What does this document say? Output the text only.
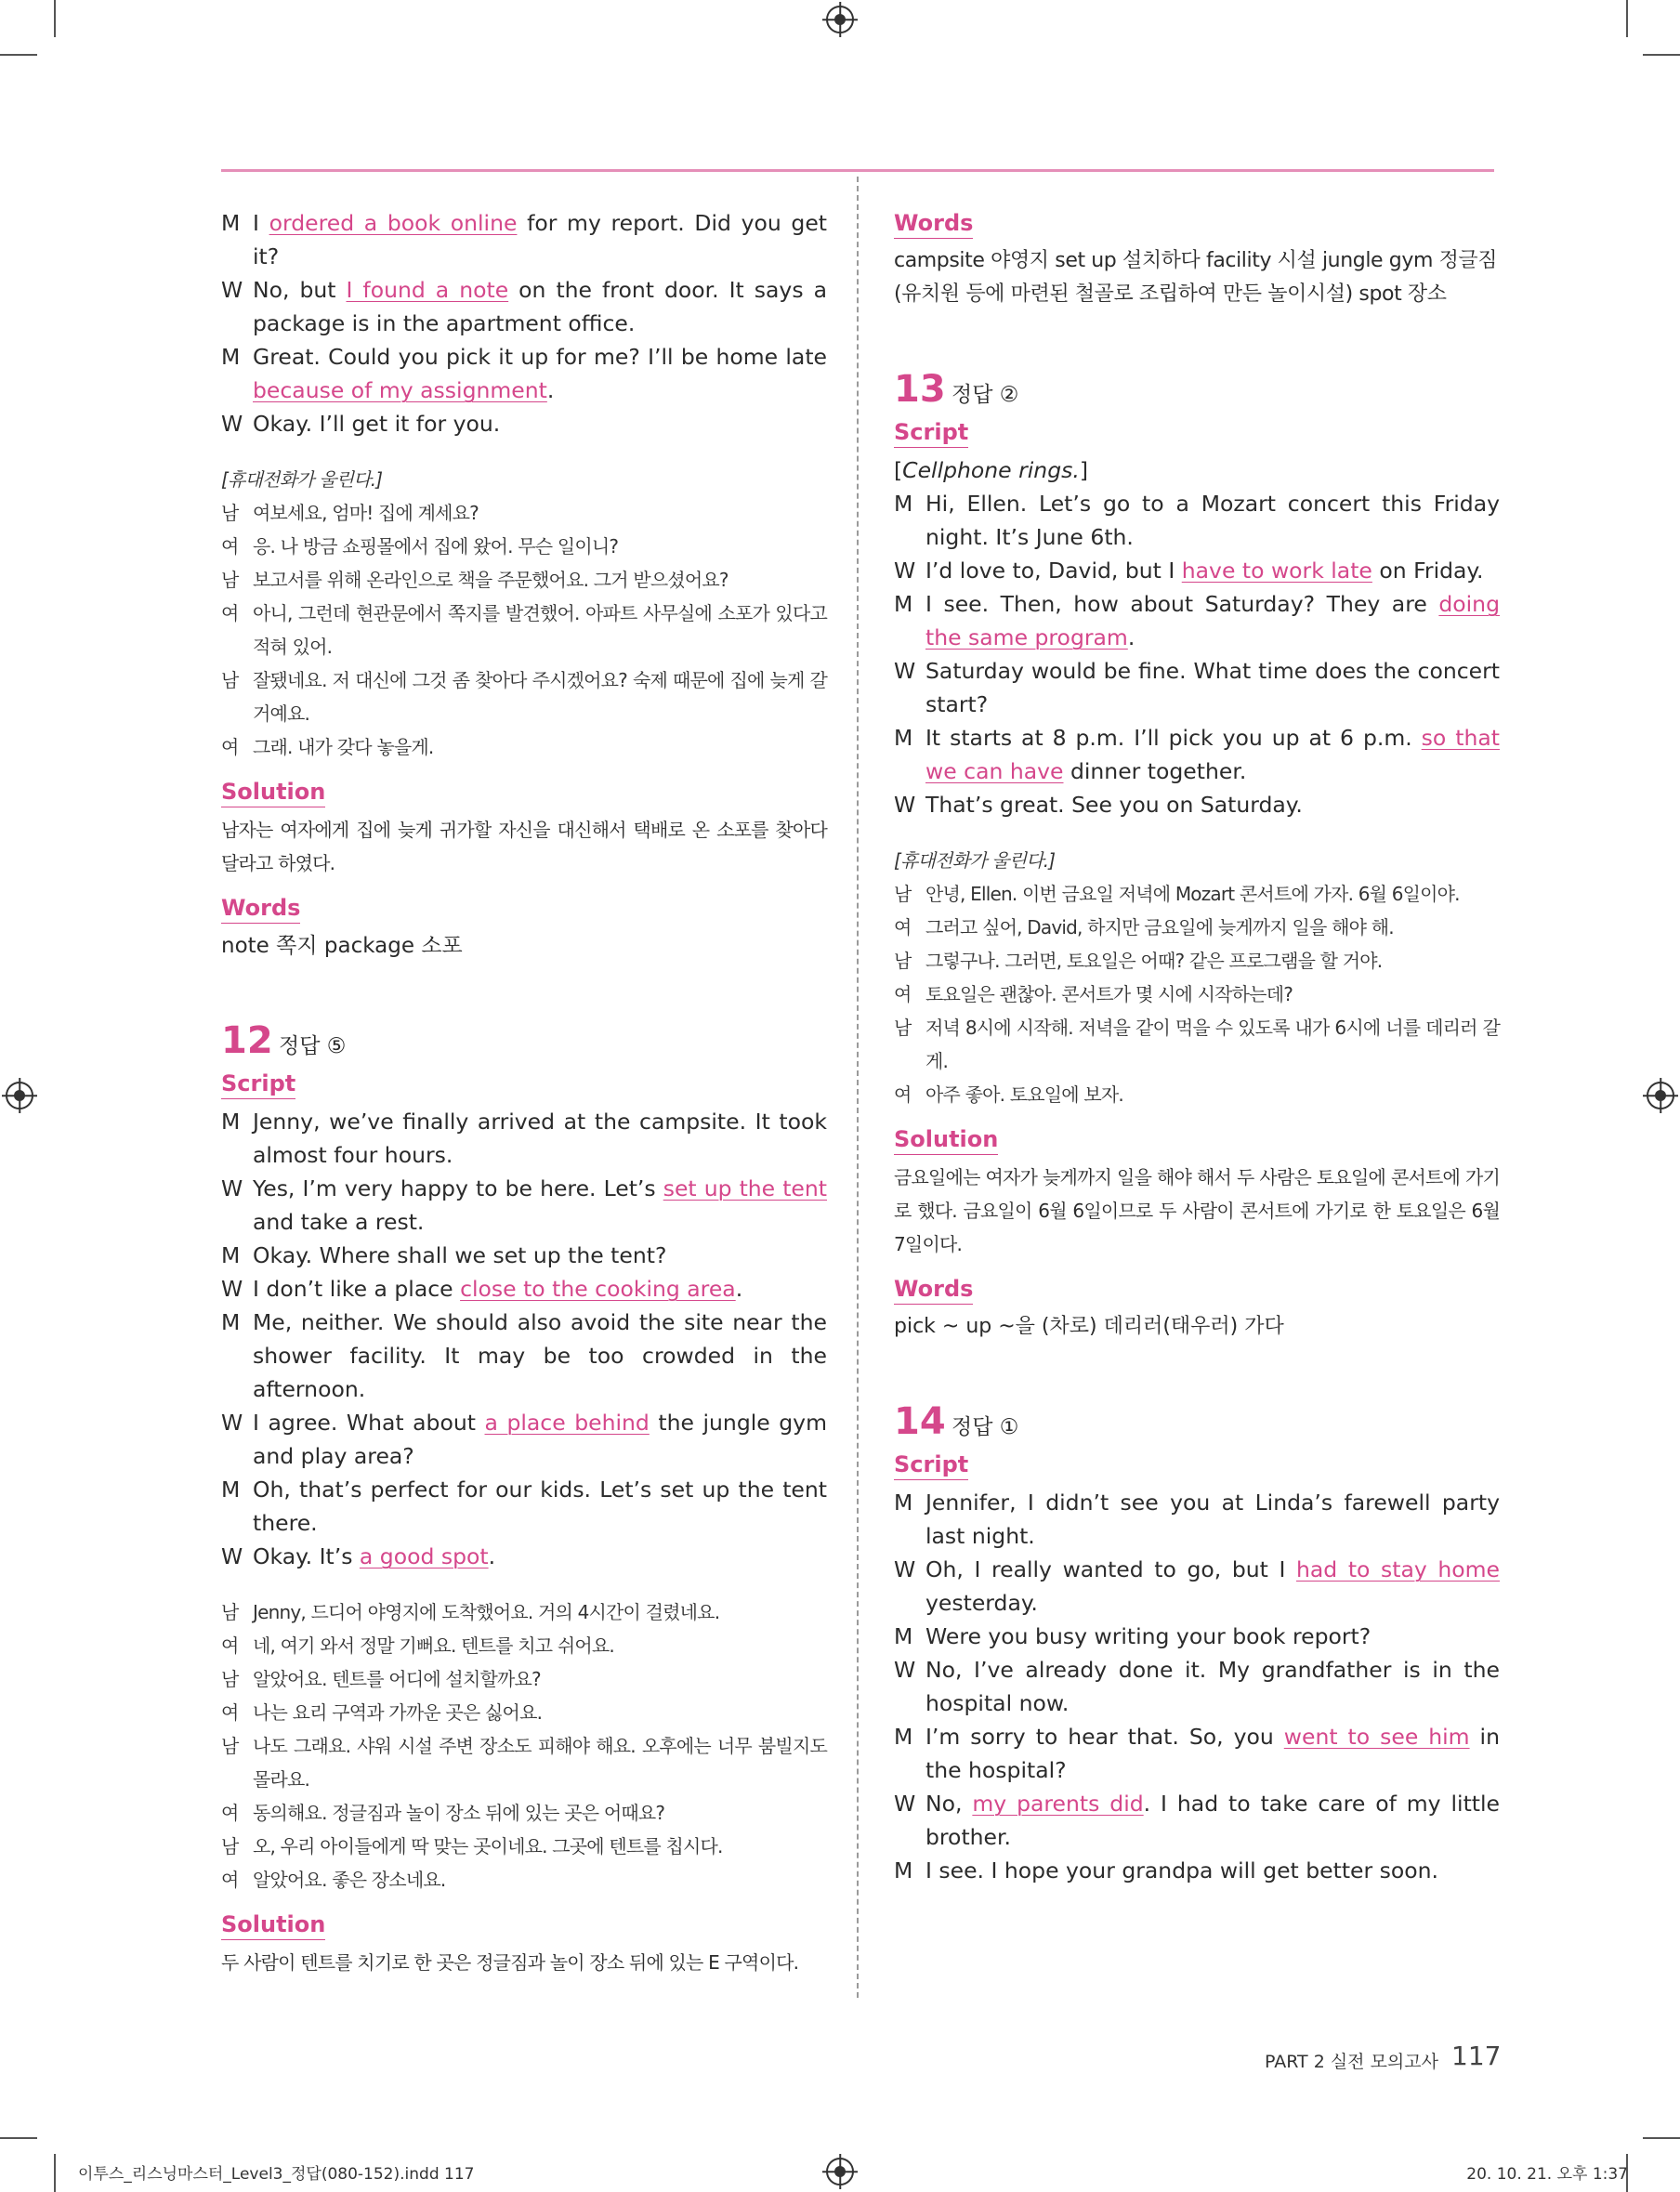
M I ordered a book online for my report. Did you get it?
W No, but I found a note on the front door. It says a package is in the apartment office.
M Great. Could you pick it up for me? I’ll be home late because of my assignment.
W Okay. I’ll get it for you.
[휴대전화가 울린다.]
남 여보세요, 엄마! 집에 계세요?
여 응. 나 방금 쇼핑몰에서 집에 왔어. 무슨 일이니?
남 보고서를 위해 온라인으로 책을 주문했어요. 그거 받으셨어요?
여 아니, 그런데 현관문에서 쪽지를 발견했어. 아파트 사무실에 소포가 있다고 적혀 있어.
남 잘됐네요. 저 대신에 그것 좀 찾아다 주시겠어요? 숙제 때문에 집에 늦게 갈 거예요.
여 그래. 내가 갖다 놓을게.
Solution
남자는 여자에게 집에 늦게 귀가할 자신을 대신해서 택배로 온 소포를 찾아다 달라고 하였다.
Words
note 쪽지 package 소포
12 정답 ⑤
Script
M Jenny, we’ve finally arrived at the campsite. It took almost four hours.
W Yes, I’m very happy to be here. Let’s set up the tent and take a rest.
M Okay. Where shall we set up the tent?
W I don’t like a place close to the cooking area.
M Me, neither. We should also avoid the site near the shower facility. It may be too crowded in the afternoon.
W I agree. What about a place behind the jungle gym and play area?
M Oh, that’s perfect for our kids. Let’s set up the tent there.
W Okay. It’s a good spot.
남 Jenny, 드디어 야영지에 도착했어요. 거의 4시간이 걸렸네요.
여 네, 여기 와서 정말 기뻐요. 텐트를 치고 쉬어요.
남 알았어요. 텐트를 어디에 설치할까요?
여 나는 요리 구역과 가까운 곳은 싫어요.
남 나도 그래요. 샤워 시설 주변 장소도 피해야 해요. 오후에는 너무 붐빌지도 몰라요.
여 동의해요. 정글짐과 놀이 장소 뒤에 있는 곳은 어때요?
남 오, 우리 아이들에게 딱 맞는 곳이네요. 그곳에 텐트를 칩시다.
여 알았어요. 좋은 장소네요.
Solution
두 사람이 텐트를 치기로 한 곳은 정글짐과 놀이 장소 뒤에 있는 E 구역이다.
Words
campsite 야영지 set up 설치하다 facility 시설 jungle gym 정글짐(유치원 등에 마련된 철골로 조립하여 만든 놀이시설) spot 장소
13 정답 ②
Script
[Cellphone rings.]
M Hi, Ellen. Let’s go to a Mozart concert this Friday night. It’s June 6th.
W I’d love to, David, but I have to work late on Friday.
M I see. Then, how about Saturday? They are doing the same program.
W Saturday would be fine. What time does the concert start?
M It starts at 8 p.m. I’ll pick you up at 6 p.m. so that we can have dinner together.
W That’s great. See you on Saturday.
[휴대전화가 울린다.]
남 안녕, Ellen. 이번 금요일 저녁에 Mozart 콘서트에 가자. 6월 6일이야.
여 그러고 싶어, David, 하지만 금요일에 늦게까지 일을 해야 해.
남 그렇구나. 그러면, 토요일은 어때? 같은 프로그램을 할 거야.
여 토요일은 괜찮아. 콘서트가 몇 시에 시작하는데?
남 저녁 8시에 시작해. 저녁을 같이 먹을 수 있도록 내가 6시에 너를 데리러 갈게.
여 아주 좋아. 토요일에 보자.
Solution
금요일에는 여자가 늦게까지 일을 해야 해서 두 사람은 토요일에 콘서트에 가기로 했다. 금요일이 6월 6일이므로 두 사람이 콘서트에 가기로 한 토요일은 6월 7일이다.
Words
pick ~ up ~을 (차로) 데리러(태우러) 가다
14 정답 ①
Script
M Jennifer, I didn’t see you at Linda’s farewell party last night.
W Oh, I really wanted to go, but I had to stay home yesterday.
M Were you busy writing your book report?
W No, I’ve already done it. My grandfather is in the hospital now.
M I’m sorry to hear that. So, you went to see him in the hospital?
W No, my parents did. I had to take care of my little brother.
M I see. I hope your grandpa will get better soon.
PART 2 실전 모의고사 117
이투스_리스닝마스터_Level3_정답(080-152).indd 117	20. 10. 21. 오후 1:37
